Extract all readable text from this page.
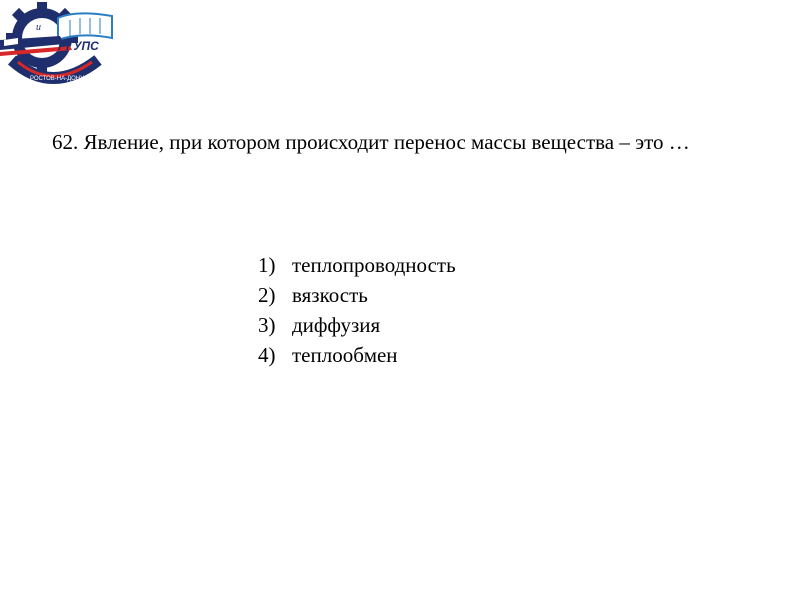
u
РГУПС
РОСТОВ-НА-ДОНУ
62. Явление, при котором происходит перенос массы вещества – это …
1) теплопроводность
2) вязкость
3) диффузия
4) теплообмен
